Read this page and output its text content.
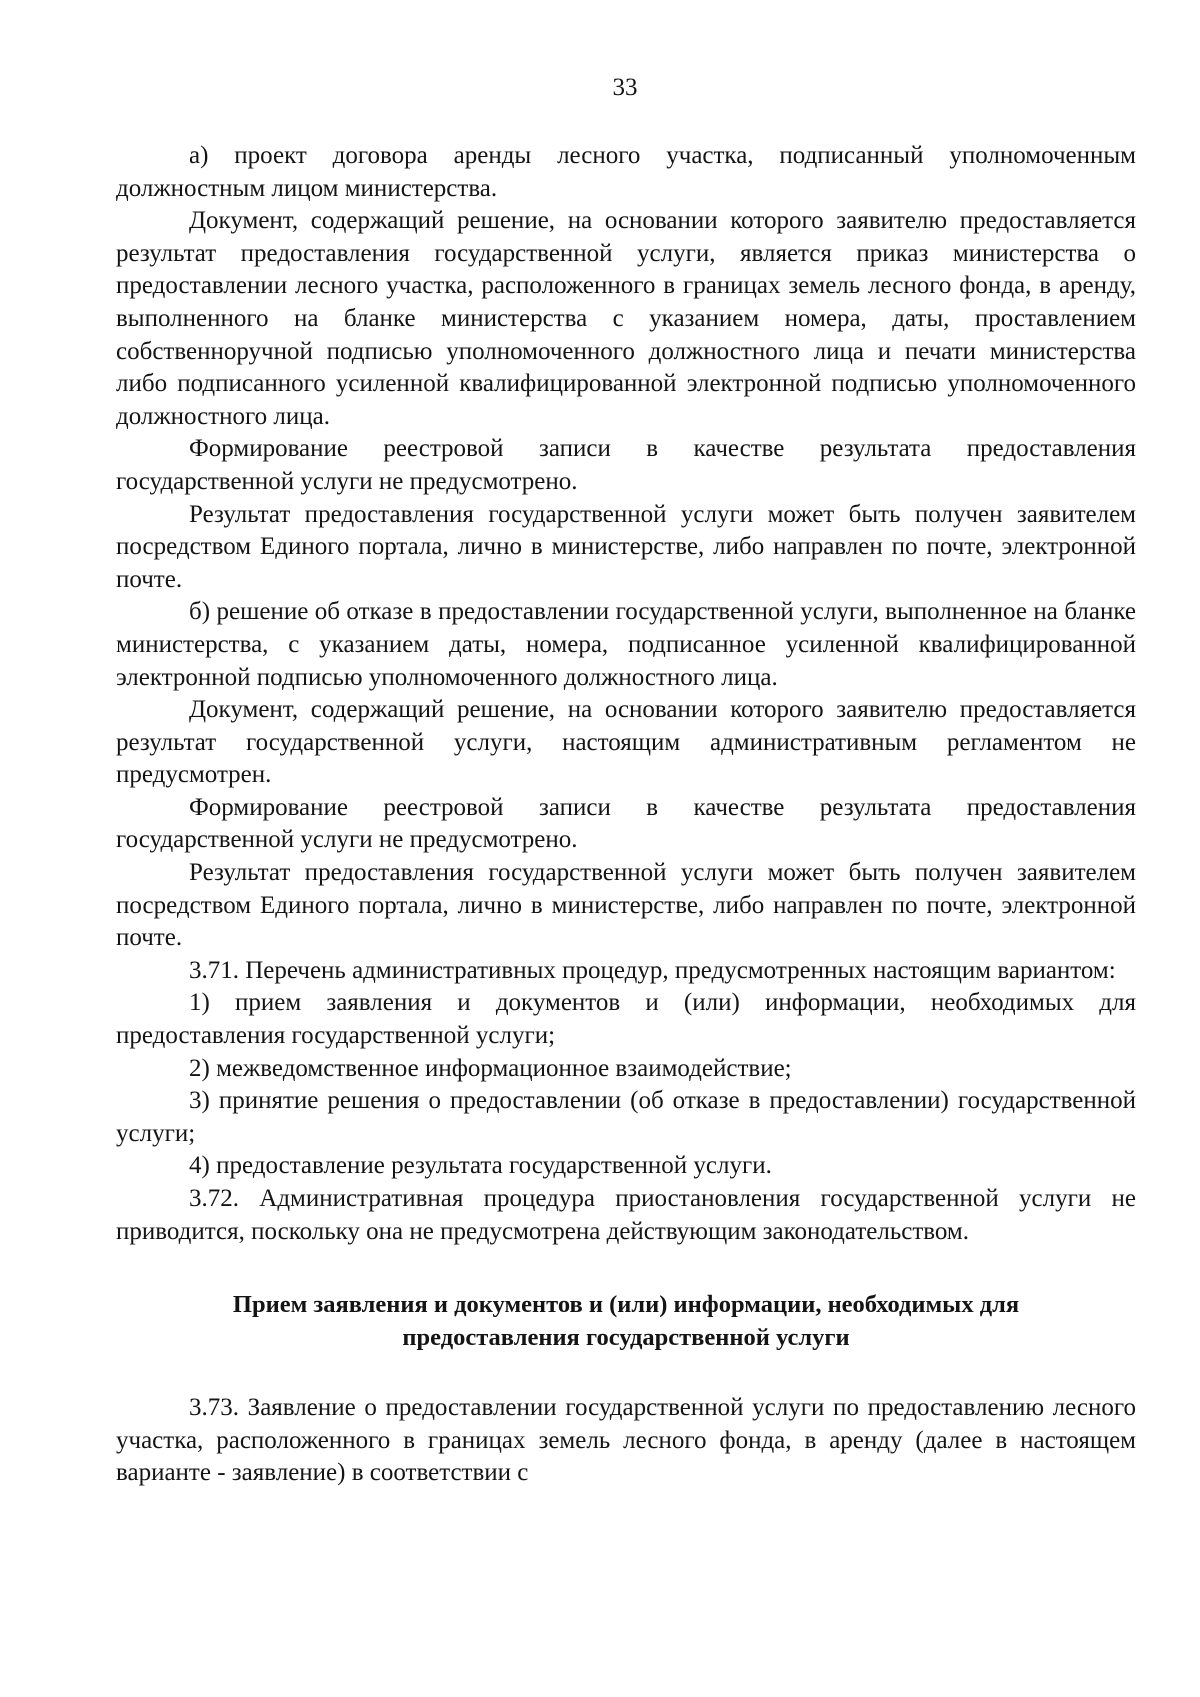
33

а) проект договора аренды лесного участка, подписанный уполномоченным должностным лицом министерства.

Документ, содержащий решение, на основании которого заявителю предоставляется результат предоставления государственной услуги, является приказ министерства о предоставлении лесного участка, расположенного в границах земель лесного фонда, в аренду, выполненного на бланке министерства с указанием номера, даты, проставлением собственноручной подписью уполномоченного должностного лица и печати министерства либо подписанного усиленной квалифицированной электронной подписью уполномоченного должностного лица.

Формирование реестровой записи в качестве результата предоставления государственной услуги не предусмотрено.

Результат предоставления государственной услуги может быть получен заявителем посредством Единого портала, лично в министерстве, либо направлен по почте, электронной почте.

б) решение об отказе в предоставлении государственной услуги, выполненное на бланке министерства, с указанием даты, номера, подписанное усиленной квалифицированной электронной подписью уполномоченного должностного лица.

Документ, содержащий решение, на основании которого заявителю предоставляется результат государственной услуги, настоящим административным регламентом не предусмотрен.

Формирование реестровой записи в качестве результата предоставления государственной услуги не предусмотрено.

Результат предоставления государственной услуги может быть получен заявителем посредством Единого портала, лично в министерстве, либо направлен по почте, электронной почте.

3.71. Перечень административных процедур, предусмотренных настоящим вариантом:

1) прием заявления и документов и (или) информации, необходимых для предоставления государственной услуги;

2) межведомственное информационное взаимодействие;

3) принятие решения о предоставлении (об отказе в предоставлении) государственной услуги;

4) предоставление результата государственной услуги.

3.72. Административная процедура приостановления государственной услуги не приводится, поскольку она не предусмотрена действующим законодательством.

Прием заявления и документов и (или) информации, необходимых для
предоставления государственной услуги

3.73. Заявление о предоставлении государственной услуги по предоставлению лесного участка, расположенного в границах земель лесного фонда, в аренду (далее в настоящем варианте - заявление) в соответствии с
